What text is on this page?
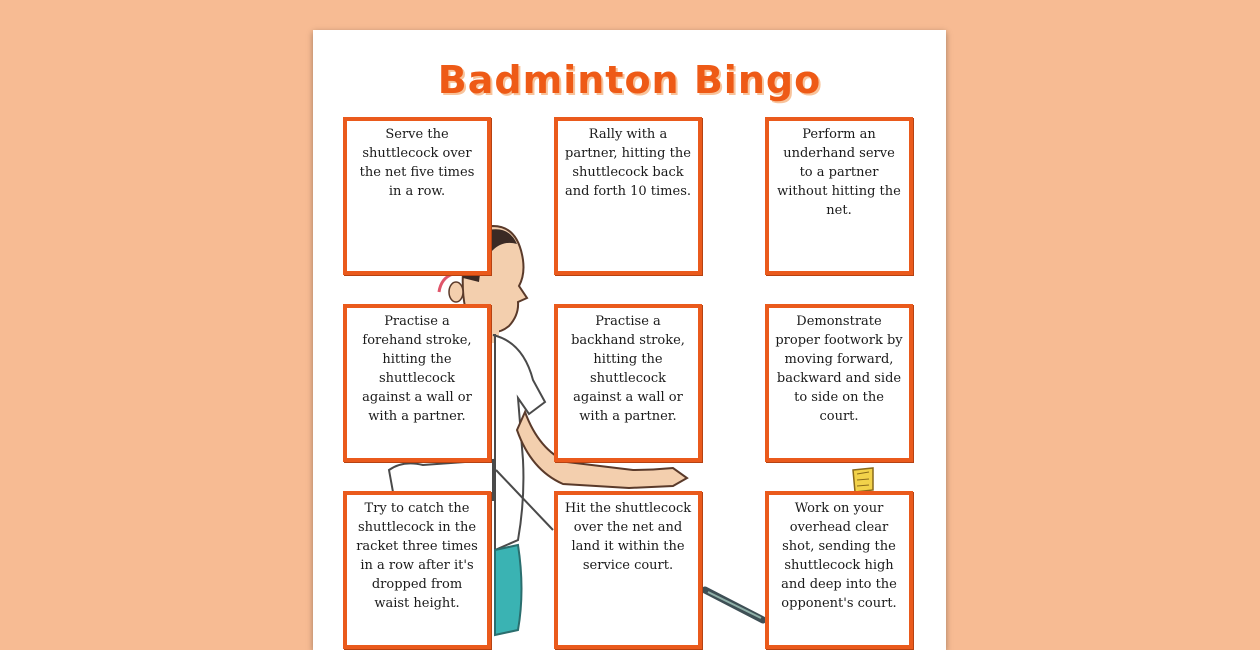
Badminton Bingo
Serve the shuttlecock over the net five times in a row.
Rally with a partner, hitting the shuttlecock back and forth 10 times.
Perform an underhand serve to a partner without hitting the net.
Practise a forehand stroke, hitting the shuttlecock against a wall or with a partner.
Practise a backhand stroke, hitting the shuttlecock against a wall or with a partner.
Demonstrate proper footwork by moving forward, backward and side to side on the court.
Try to catch the shuttlecock in the racket three times in a row after it's dropped from waist height.
Hit the shuttlecock over the net and land it within the service court.
Work on your overhead clear shot, sending the shuttlecock high and deep into the opponent's court.
